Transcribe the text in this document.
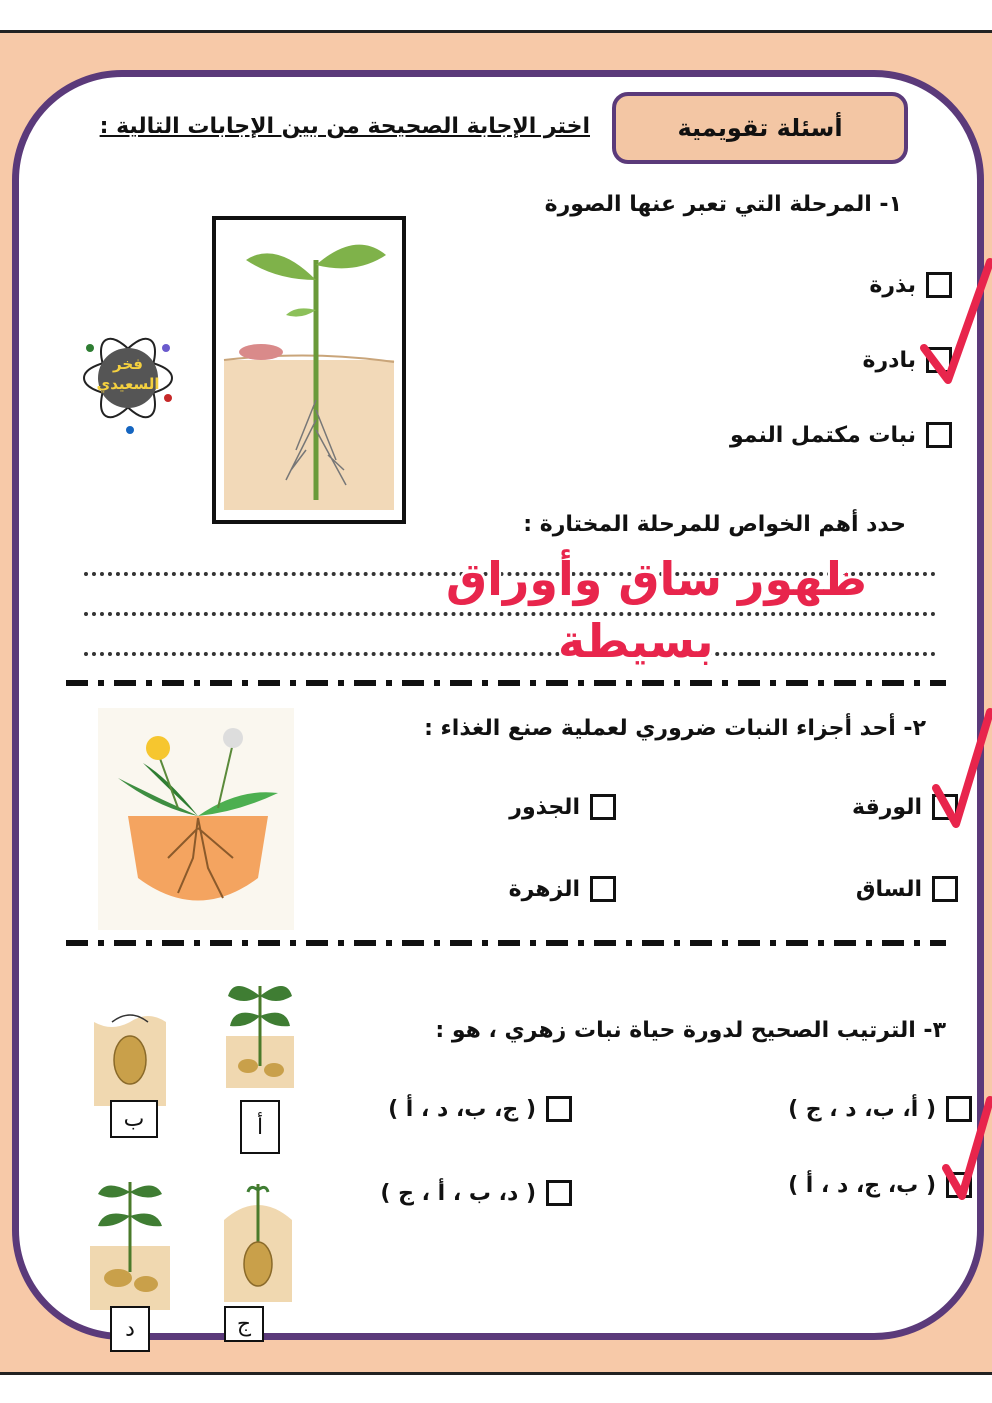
أسئلة تقويمية
اختر الإجابة الصحيحة من بين الإجابات التالية :
١- المرحلة التي تعبر عنها الصورة
فخر
السعيدي
بذرة
بادرة
نبات مكتمل النمو
حدد أهم الخواص للمرحلة المختارة :
ظهور ساق وأوراق
بسيطة
٢- أحد أجزاء النبات ضروري لعملية صنع الغذاء :
الورقة
الجذور
الساق
الزهرة
٣- الترتيب الصحيح لدورة حياة نبات زهري ، هو :
( أ، ب، د ، ج )
( ج، ب، د ، أ )
( ب، ج، د ، أ )
( د، ب ، أ ، ج )
أ
ب
ج
د
